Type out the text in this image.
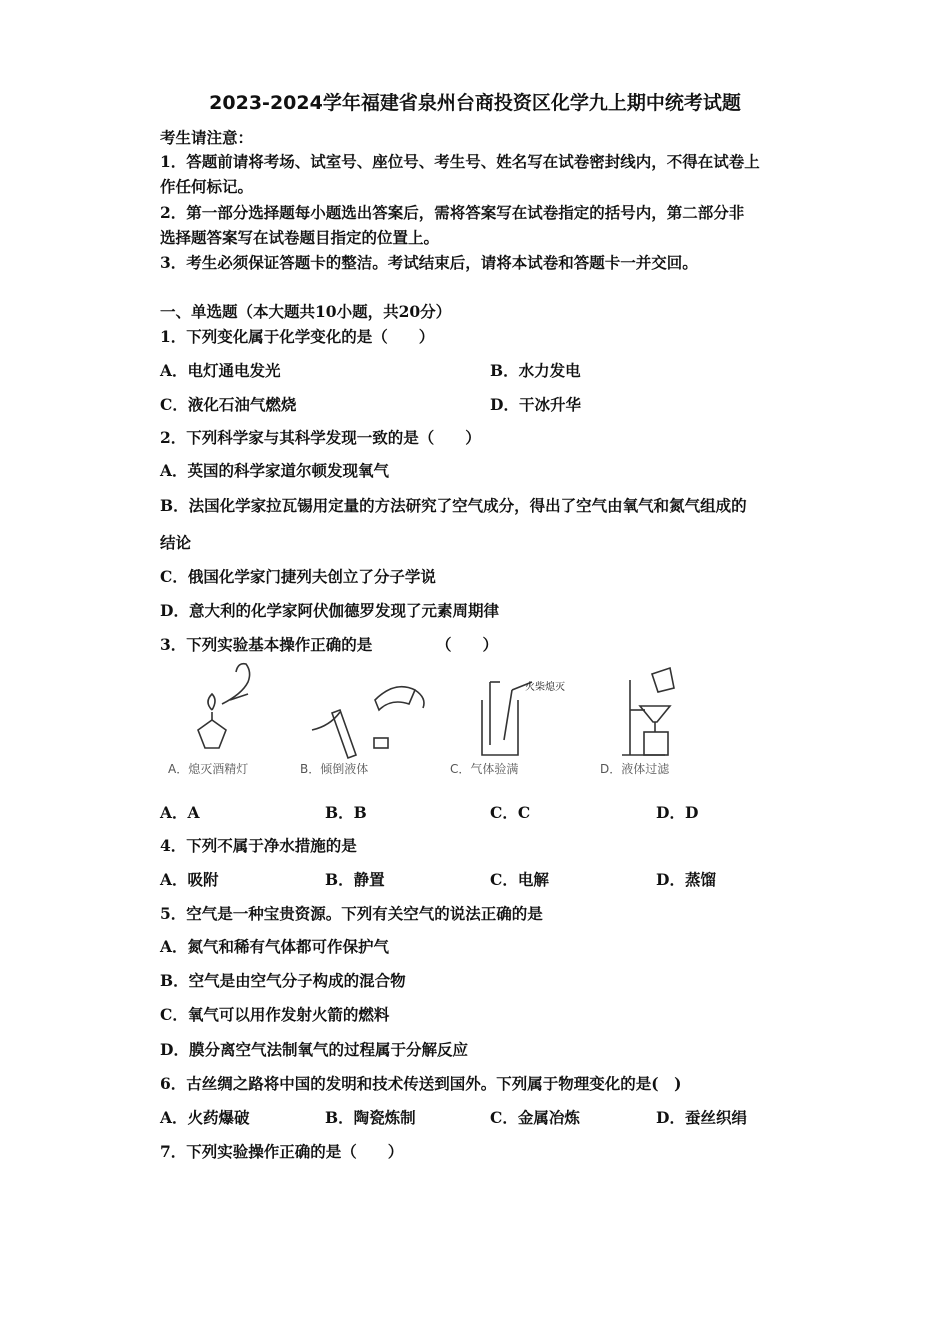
2023-2024学年福建省泉州台商投资区化学九上期中统考试题
考生请注意：
1．答题前请将考场、试室号、座位号、考生号、姓名写在试卷密封线内，不得在试卷上
作任何标记。
2．第一部分选择题每小题选出答案后，需将答案写在试卷指定的括号内，第二部分非
选择题答案写在试卷题目指定的位置上。
3．考生必须保证答题卡的整洁。考试结束后，请将本试卷和答题卡一并交回。
一、单选题（本大题共10小题，共20分）
1．下列变化属于化学变化的是（　　）
A．电灯通电发光	B．水力发电
C．液化石油气燃烧	D．干冰升华
2．下列科学家与其科学发现一致的是（　　）
A．英国的科学家道尔顿发现氧气
B．法国化学家拉瓦锡用定量的方法研究了空气成分，得出了空气由氧气和氮气组成的
结论
C．俄国化学家门捷列夫创立了分子学说
D．意大利的化学家阿伏伽德罗发现了元素周期律
3．下列实验基本操作正确的是	（　　）
A．熄灭酒精灯	B．倾倒液体
火柴熄灭
C．气体验满	D．液体过滤
A．A	B．B	C．C	D．D
4．下列不属于净水措施的是
A．吸附	B．静置	C．电解	D．蒸馏
5．空气是一种宝贵资源。下列有关空气的说法正确的是
A．氮气和稀有气体都可作保护气
B．空气是由空气分子构成的混合物
C．氧气可以用作发射火箭的燃料
D．膜分离空气法制氧气的过程属于分解反应
6．古丝绸之路将中国的发明和技术传送到国外。下列属于物理变化的是(　)
A．火药爆破	B．陶瓷炼制	C．金属冶炼	D．蚕丝织绢
7．下列实验操作正确的是（　　）
